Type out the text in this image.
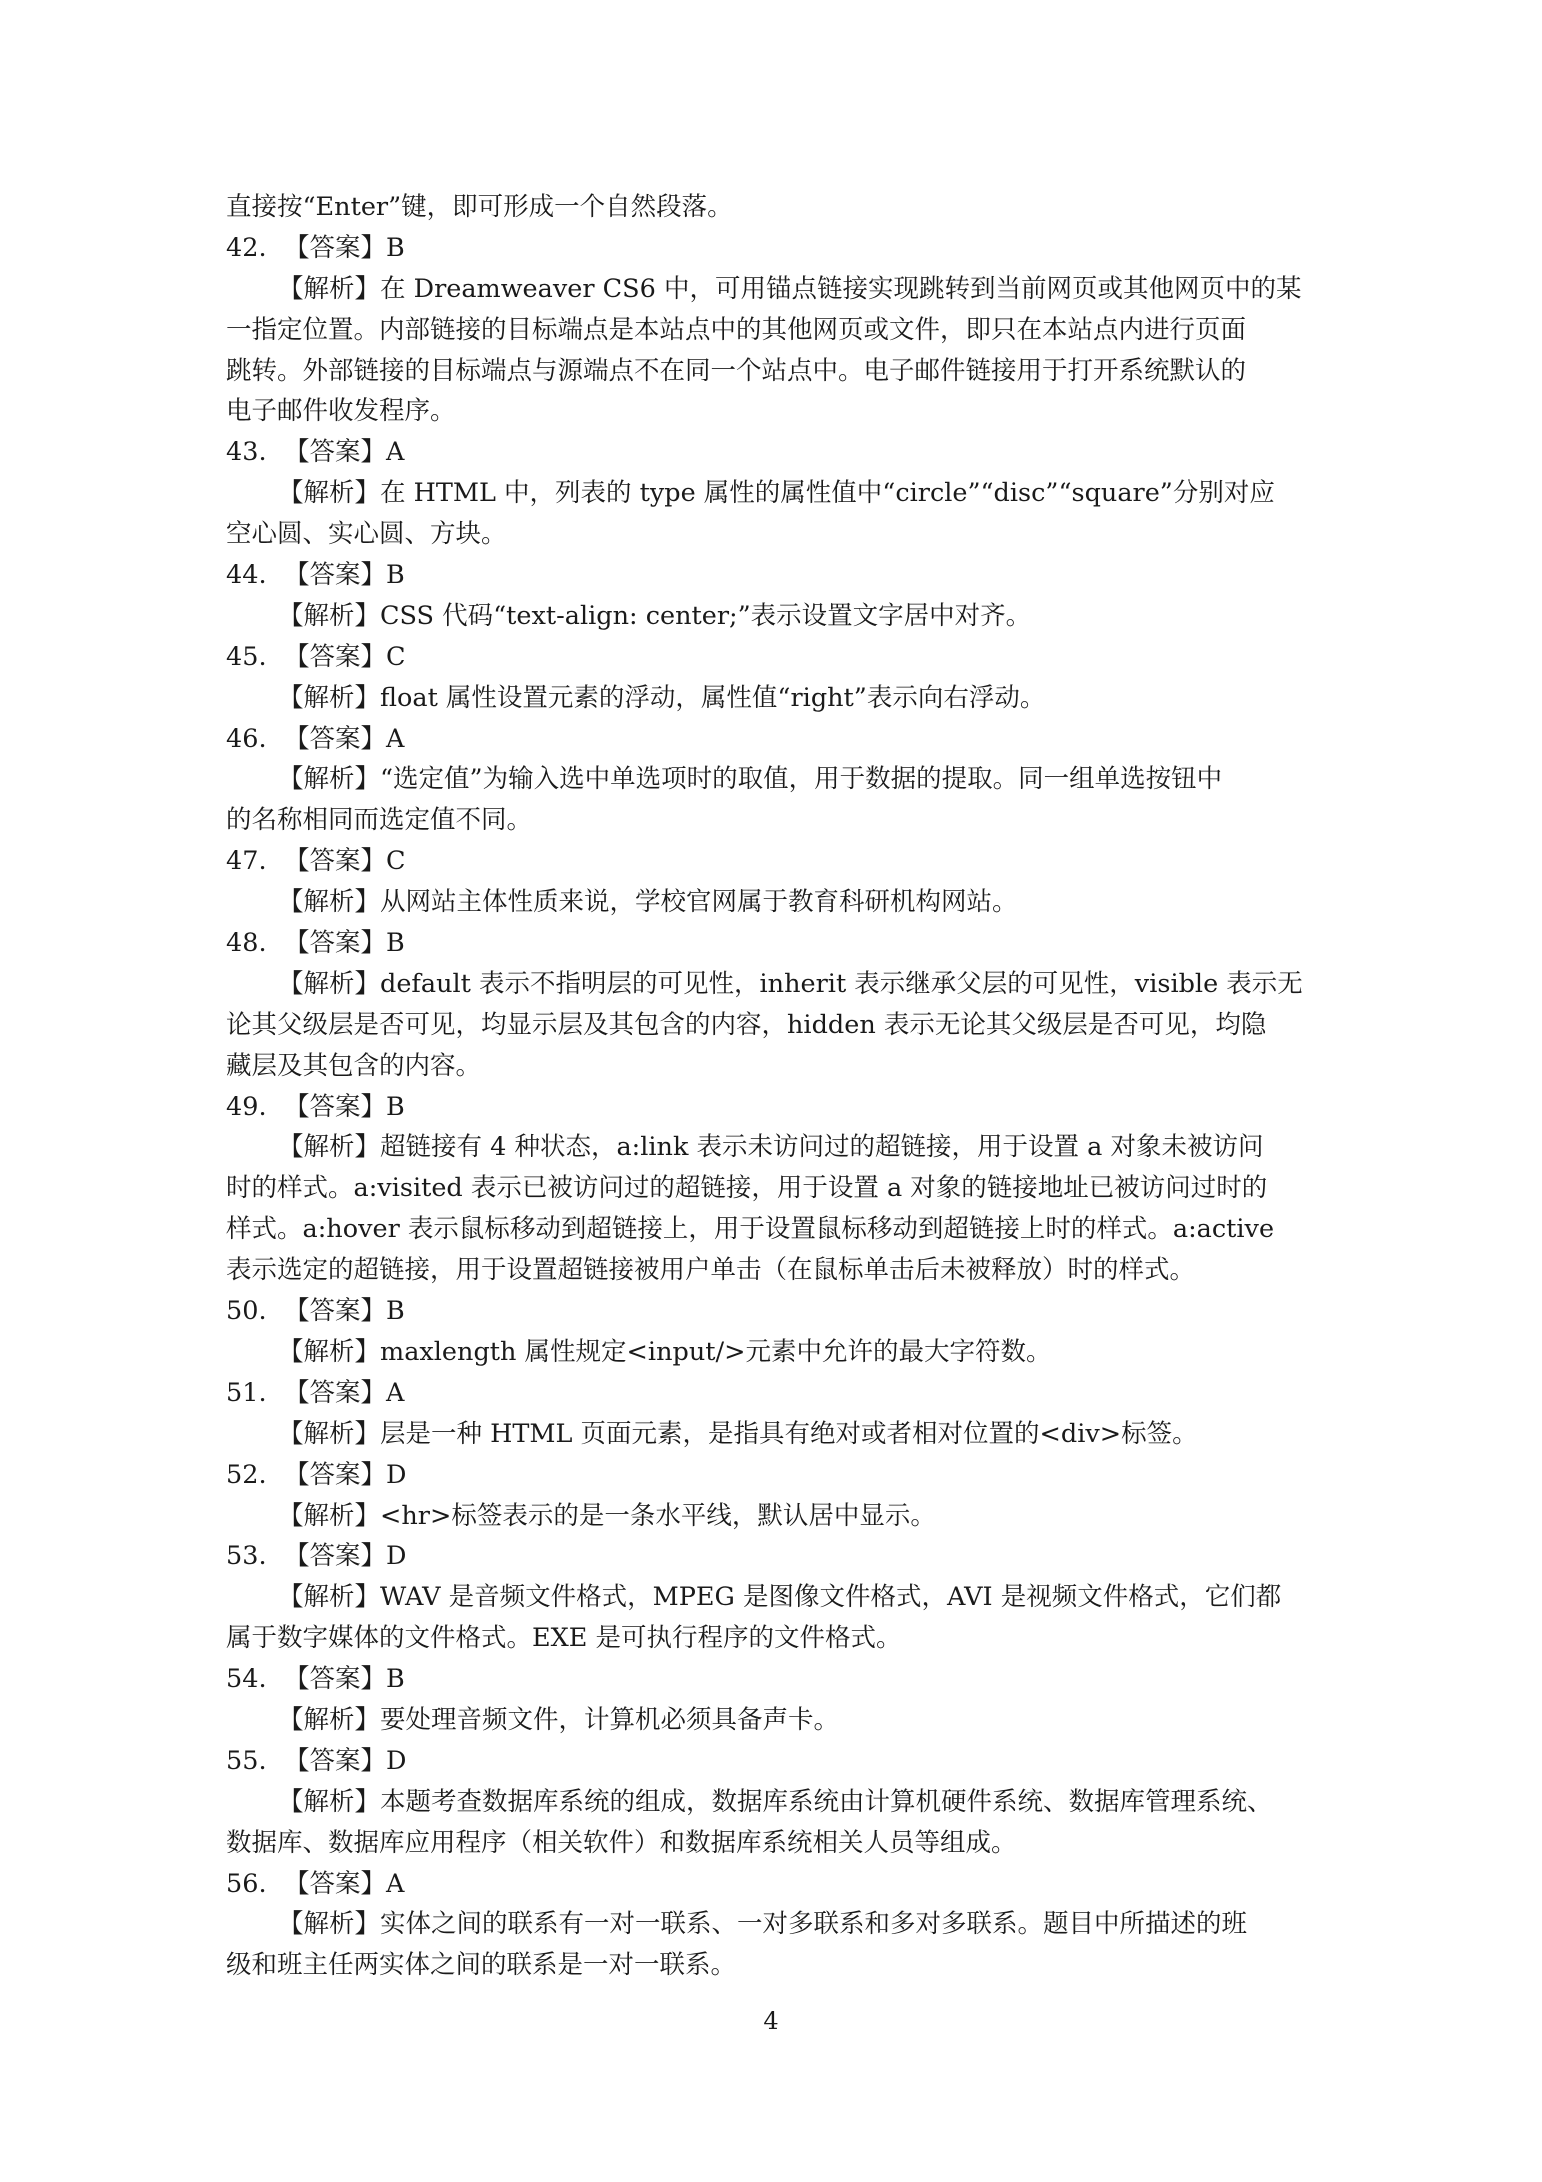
直接按“Enter”键，即可形成一个自然段落。
42. 【答案】B
【解析】在 Dreamweaver CS6 中，可用锚点链接实现跳转到当前网页或其他网页中的某
一指定位置。内部链接的目标端点是本站点中的其他网页或文件，即只在本站点内进行页面
跳转。外部链接的目标端点与源端点不在同一个站点中。电子邮件链接用于打开系统默认的
电子邮件收发程序。
43. 【答案】A
【解析】在 HTML 中，列表的 type 属性的属性值中“circle”“disc”“square”分别对应
空心圆、实心圆、方块。
44. 【答案】B
【解析】CSS 代码“text-align: center;”表示设置文字居中对齐。
45. 【答案】C
【解析】float 属性设置元素的浮动，属性值“right”表示向右浮动。
46. 【答案】A
【解析】“选定值”为输入选中单选项时的取值，用于数据的提取。同一组单选按钮中
的名称相同而选定值不同。
47. 【答案】C
【解析】从网站主体性质来说，学校官网属于教育科研机构网站。
48. 【答案】B
【解析】default 表示不指明层的可见性，inherit 表示继承父层的可见性，visible 表示无
论其父级层是否可见，均显示层及其包含的内容，hidden 表示无论其父级层是否可见，均隐
藏层及其包含的内容。
49. 【答案】B
【解析】超链接有 4 种状态，a:link 表示未访问过的超链接，用于设置 a 对象未被访问
时的样式。a:visited 表示已被访问过的超链接，用于设置 a 对象的链接地址已被访问过时的
样式。a:hover 表示鼠标移动到超链接上，用于设置鼠标移动到超链接上时的样式。a:active
表示选定的超链接，用于设置超链接被用户单击（在鼠标单击后未被释放）时的样式。
50. 【答案】B
【解析】maxlength 属性规定<input/>元素中允许的最大字符数。
51. 【答案】A
【解析】层是一种 HTML 页面元素，是指具有绝对或者相对位置的<div>标签。
52. 【答案】D
【解析】<hr>标签表示的是一条水平线，默认居中显示。
53. 【答案】D
【解析】WAV 是音频文件格式，MPEG 是图像文件格式，AVI 是视频文件格式，它们都
属于数字媒体的文件格式。EXE 是可执行程序的文件格式。
54. 【答案】B
【解析】要处理音频文件，计算机必须具备声卡。
55. 【答案】D
【解析】本题考查数据库系统的组成，数据库系统由计算机硬件系统、数据库管理系统、
数据库、数据库应用程序（相关软件）和数据库系统相关人员等组成。
56. 【答案】A
【解析】实体之间的联系有一对一联系、一对多联系和多对多联系。题目中所描述的班
级和班主任两实体之间的联系是一对一联系。
4
